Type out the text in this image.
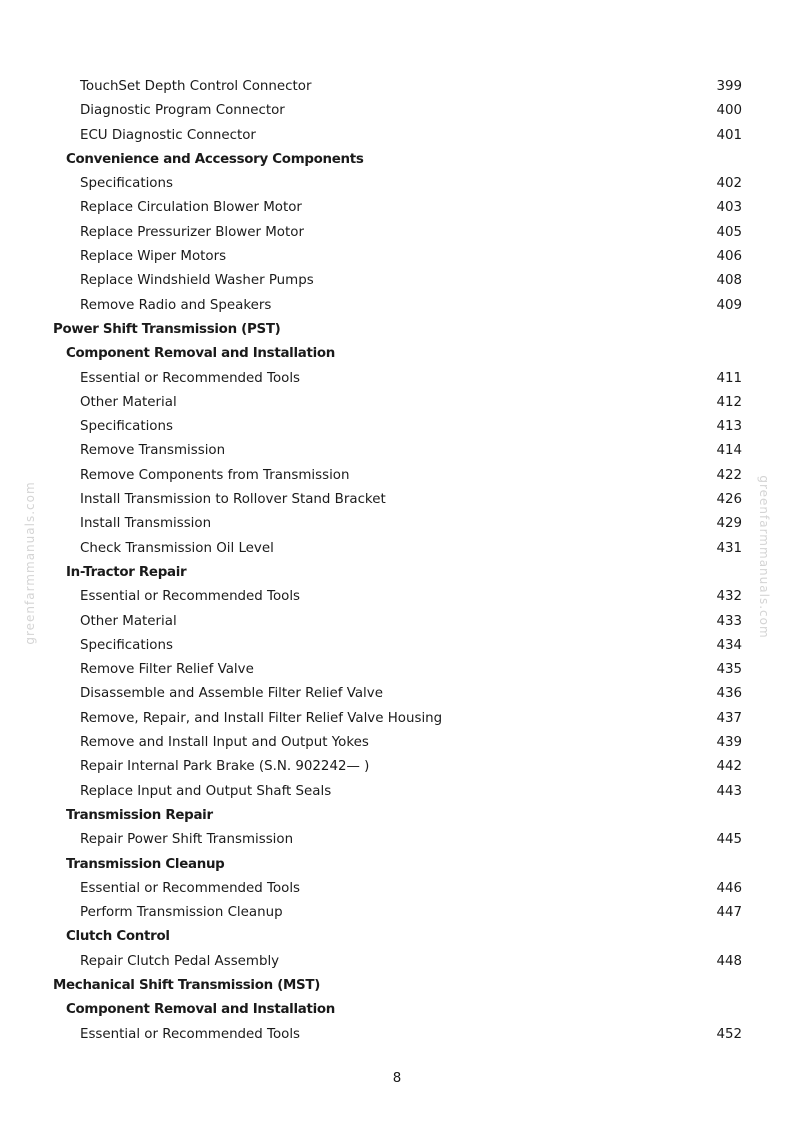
greenfarmmanuals.com	greenfarmmanuals.com
TouchSet Depth Control Connector	399
Diagnostic Program Connector	400
ECU Diagnostic Connector	401
Convenience and Accessory Components
Specifications	402
Replace Circulation Blower Motor	403
Replace Pressurizer Blower Motor	405
Replace Wiper Motors	406
Replace Windshield Washer Pumps	408
Remove Radio and Speakers	409
Power Shift Transmission (PST)
Component Removal and Installation
Essential or Recommended Tools	411
Other Material	412
Specifications	413
Remove Transmission	414
Remove Components from Transmission	422
Install Transmission to Rollover Stand Bracket	426
Install Transmission	429
Check Transmission Oil Level	431
In-Tractor Repair
Essential or Recommended Tools	432
Other Material	433
Specifications	434
Remove Filter Relief Valve	435
Disassemble and Assemble Filter Relief Valve	436
Remove, Repair, and Install Filter Relief Valve Housing	437
Remove and Install Input and Output Yokes	439
Repair Internal Park Brake (S.N. 902242— )	442
Replace Input and Output Shaft Seals	443
Transmission Repair
Repair Power Shift Transmission	445
Transmission Cleanup
Essential or Recommended Tools	446
Perform Transmission Cleanup	447
Clutch Control
Repair Clutch Pedal Assembly	448
Mechanical Shift Transmission (MST)
Component Removal and Installation
Essential or Recommended Tools	452
8
